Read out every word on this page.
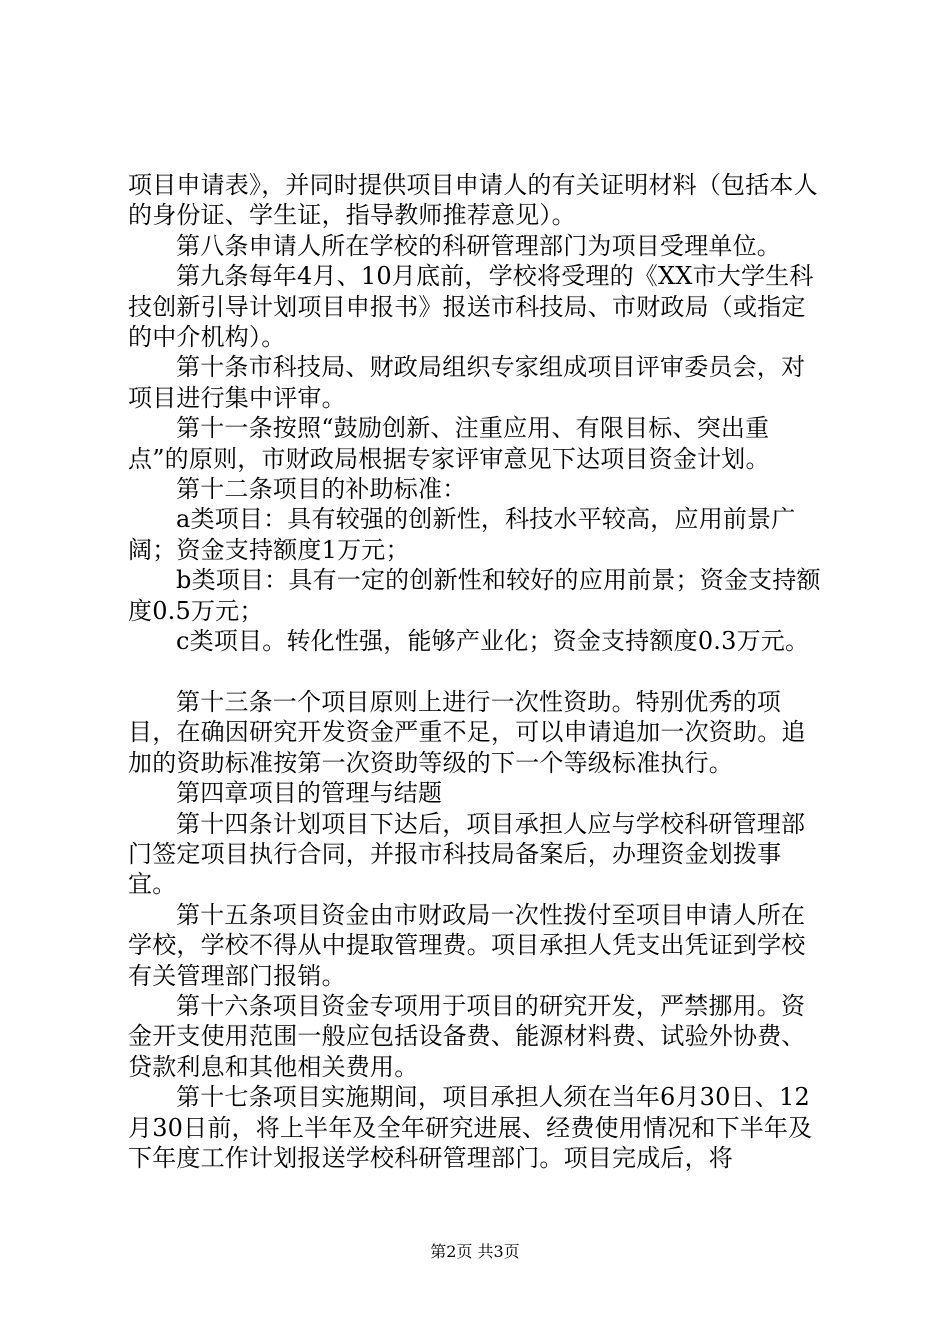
项目申请表》，并同时提供项目申请人的有关证明材料（包括本人的身份证、学生证，指导教师推荐意见）。

第八条申请人所在学校的科研管理部门为项目受理单位。

第九条每年4月、10月底前，学校将受理的《XX市大学生科技创新引导计划项目申报书》报送市科技局、市财政局（或指定的中介机构）。

第十条市科技局、财政局组织专家组成项目评审委员会，对项目进行集中评审。

第十一条按照“鼓励创新、注重应用、有限目标、突出重点”的原则，市财政局根据专家评审意见下达项目资金计划。

第十二条项目的补助标准：

a类项目：具有较强的创新性，科技水平较高，应用前景广阔；资金支持额度1万元；

b类项目：具有一定的创新性和较好的应用前景；资金支持额度0.5万元；

c类项目。转化性强，能够产业化；资金支持额度0.3万元。

第十三条一个项目原则上进行一次性资助。特别优秀的项目，在确因研究开发资金严重不足，可以申请追加一次资助。追加的资助标准按第一次资助等级的下一个等级标准执行。

第四章项目的管理与结题

第十四条计划项目下达后，项目承担人应与学校科研管理部门签定项目执行合同，并报市科技局备案后，办理资金划拨事宜。

第十五条项目资金由市财政局一次性拨付至项目申请人所在学校，学校不得从中提取管理费。项目承担人凭支出凭证到学校有关管理部门报销。

第十六条项目资金专项用于项目的研究开发，严禁挪用。资金开支使用范围一般应包括设备费、能源材料费、试验外协费、贷款利息和其他相关费用。

第十七条项目实施期间，项目承担人须在当年6月30日、12月30日前，将上半年及全年研究进展、经费使用情况和下半年及下年度工作计划报送学校科研管理部门。项目完成后，将

第2页 共3页
